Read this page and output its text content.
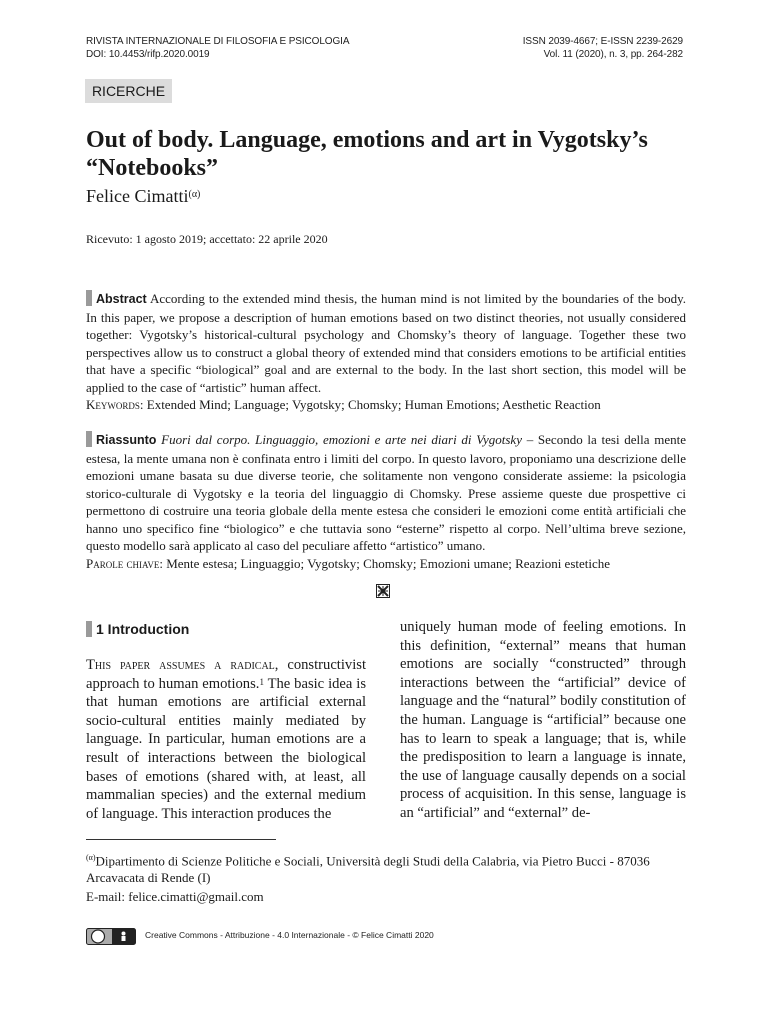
RIVISTA INTERNAZIONALE DI FILOSOFIA E PSICOLOGIA
DOI: 10.4453/rifp.2020.0019
ISSN 2039-4667; E-ISSN 2239-2629
Vol. 11 (2020), n. 3, pp. 264-282
RICERCHE
Out of body. Language, emotions and art in Vygotsky’s “Notebooks”
Felice Cimatti$^{(\alpha)}$
Ricevuto: 1 agosto 2019; accettato: 22 aprile 2020
Abstract According to the extended mind thesis, the human mind is not limited by the boundaries of the body. In this paper, we propose a description of human emotions based on two distinct theories, not usually considered together: Vygotsky’s historical-cultural psychology and Chomsky’s theory of language. Together these two perspectives allow us to construct a global theory of extended mind that considers emotions to be artificial entities that have a specific “biological” goal and are external to the body. In the last short section, this model will be applied to the case of “artistic” human affect.
Keywords: Extended Mind; Language; Vygotsky; Chomsky; Human Emotions; Aesthetic Reaction
Riassunto Fuori dal corpo. Linguaggio, emozioni e arte nei diari di Vygotsky – Secondo la tesi della mente estesa, la mente umana non è confinata entro i limiti del corpo. In questo lavoro, proponiamo una descrizione delle emozioni umane basata su due diverse teorie, che solitamente non vengono considerate assieme: la psicologia storico-culturale di Vygotsky e la teoria del linguaggio di Chomsky. Prese assieme queste due prospettive ci permettono di costruire una teoria globale della mente estesa che consideri le emozioni come entità artificiali che hanno uno specifico fine “biologico” e che tuttavia sono “esterne” rispetto al corpo. Nell’ultima breve sezione, questo modello sarà applicato al caso del peculiare affetto “artistico” umano.
Parole chiave: Mente estesa; Linguaggio; Vygotsky; Chomsky; Emozioni umane; Reazioni estetiche
1 Introduction
This paper assumes a radical, constructivist approach to human emotions.$^1$ The basic idea is that human emotions are artificial external socio-cultural entities mainly mediated by language. In particular, human emotions are a result of interactions between the biological bases of emotions (shared with, at least, all mammalian species) and the external medium of language. This interaction produces the
uniquely human mode of feeling emotions. In this definition, “external” means that human emotions are socially “constructed” through interactions between the “artificial” device of language and the “natural” bodily constitution of the human. Language is “artificial” because one has to learn to speak a language; that is, while the predisposition to learn a language is innate, the use of language causally depends on a social process of acquisition. In this sense, language is an “artificial” and “external” de-
$^{(\alpha)}$Dipartimento di Scienze Politiche e Sociali, Università degli Studi della Calabria, via Pietro Bucci - 87036 Arcavacata di Rende (I)
E-mail: felice.cimatti@gmail.com
Creative Commons - Attribuzione - 4.0 Internazionale - © Felice Cimatti 2020
